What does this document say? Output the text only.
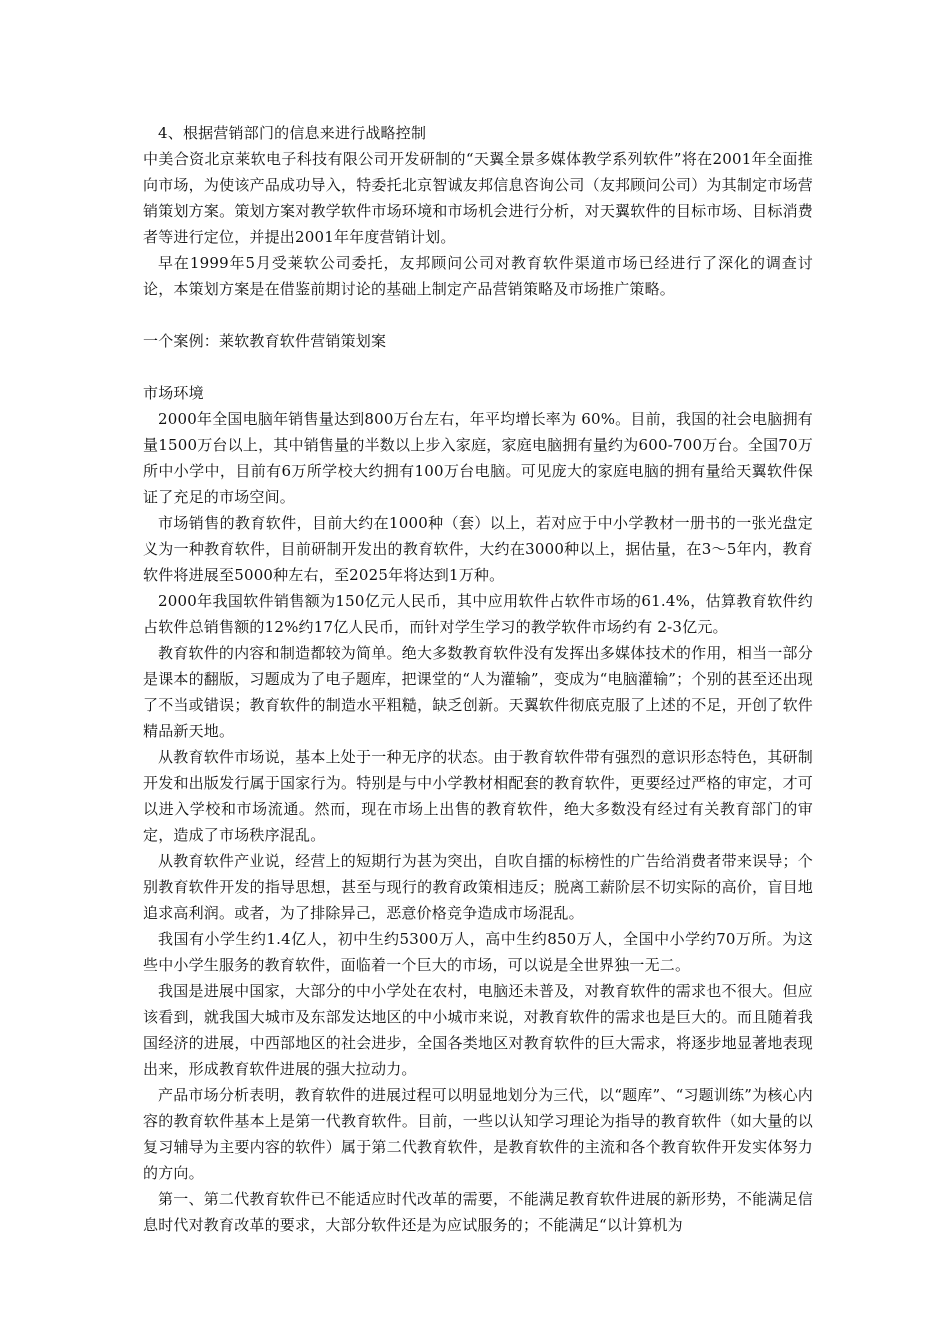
4、根据营销部门的信息来进行战略控制

中美合资北京莱软电子科技有限公司开发研制的“天翼全景多媒体教学系列软件”将在2001年全面推向市场，为使该产品成功导入，特委托北京智诚友邦信息咨询公司（友邦顾问公司）为其制定市场营销策划方案。策划方案对教学软件市场环境和市场机会进行分析，对天翼软件的目标市场、目标消费者等进行定位，并提出2001年年度营销计划。

早在1999年5月受莱软公司委托，友邦顾问公司对教育软件渠道市场已经进行了深化的调查讨论，本策划方案是在借鉴前期讨论的基础上制定产品营销策略及市场推广策略。

一个案例：莱软教育软件营销策划案

市场环境

2000年全国电脑年销售量达到800万台左右，年平均增长率为 60%。目前，我国的社会电脑拥有量1500万台以上，其中销售量的半数以上步入家庭，家庭电脑拥有量约为600-700万台。全国70万所中小学中，目前有6万所学校大约拥有100万台电脑。可见庞大的家庭电脑的拥有量给天翼软件保证了充足的市场空间。

市场销售的教育软件，目前大约在1000种（套）以上，若对应于中小学教材一册书的一张光盘定义为一种教育软件，目前研制开发出的教育软件，大约在3000种以上，据估量，在3～5年内，教育软件将进展至5000种左右，至2025年将达到1万种。

2000年我国软件销售额为150亿元人民币，其中应用软件占软件市场的61.4%，估算教育软件约占软件总销售额的12%约17亿人民币，而针对学生学习的教学软件市场约有 2-3亿元。

教育软件的内容和制造都较为简单。绝大多数教育软件没有发挥出多媒体技术的作用，相当一部分是课本的翻版，习题成为了电子题库，把课堂的“人为灌输”，变成为“电脑灌输”；个别的甚至还出现了不当或错误；教育软件的制造水平粗糙，缺乏创新。天翼软件彻底克服了上述的不足，开创了软件精品新天地。

从教育软件市场说，基本上处于一种无序的状态。由于教育软件带有强烈的意识形态特色，其研制开发和出版发行属于国家行为。特别是与中小学教材相配套的教育软件，更要经过严格的审定，才可以进入学校和市场流通。然而，现在市场上出售的教育软件，绝大多数没有经过有关教育部门的审定，造成了市场秩序混乱。

从教育软件产业说，经营上的短期行为甚为突出，自吹自擂的标榜性的广告给消费者带来误导；个别教育软件开发的指导思想，甚至与现行的教育政策相违反；脱离工薪阶层不切实际的高价，盲目地追求高利润。或者，为了排除异己，恶意价格竞争造成市场混乱。

我国有小学生约1.4亿人，初中生约5300万人，高中生约850万人，全国中小学约70万所。为这些中小学生服务的教育软件，面临着一个巨大的市场，可以说是全世界独一无二。

我国是进展中国家，大部分的中小学处在农村，电脑还未普及，对教育软件的需求也不很大。但应该看到，就我国大城市及东部发达地区的中小城市来说，对教育软件的需求也是巨大的。而且随着我国经济的进展，中西部地区的社会进步，全国各类地区对教育软件的巨大需求，将逐步地显著地表现出来，形成教育软件进展的强大拉动力。

产品市场分析表明，教育软件的进展过程可以明显地划分为三代，以“题库”、“习题训练”为核心内容的教育软件基本上是第一代教育软件。目前，一些以认知学习理论为指导的教育软件（如大量的以复习辅导为主要内容的软件）属于第二代教育软件，是教育软件的主流和各个教育软件开发实体努力的方向。

第一、第二代教育软件已不能适应时代改革的需要，不能满足教育软件进展的新形势，不能满足信息时代对教育改革的要求，大部分软件还是为应试服务的；不能满足“以计算机为
